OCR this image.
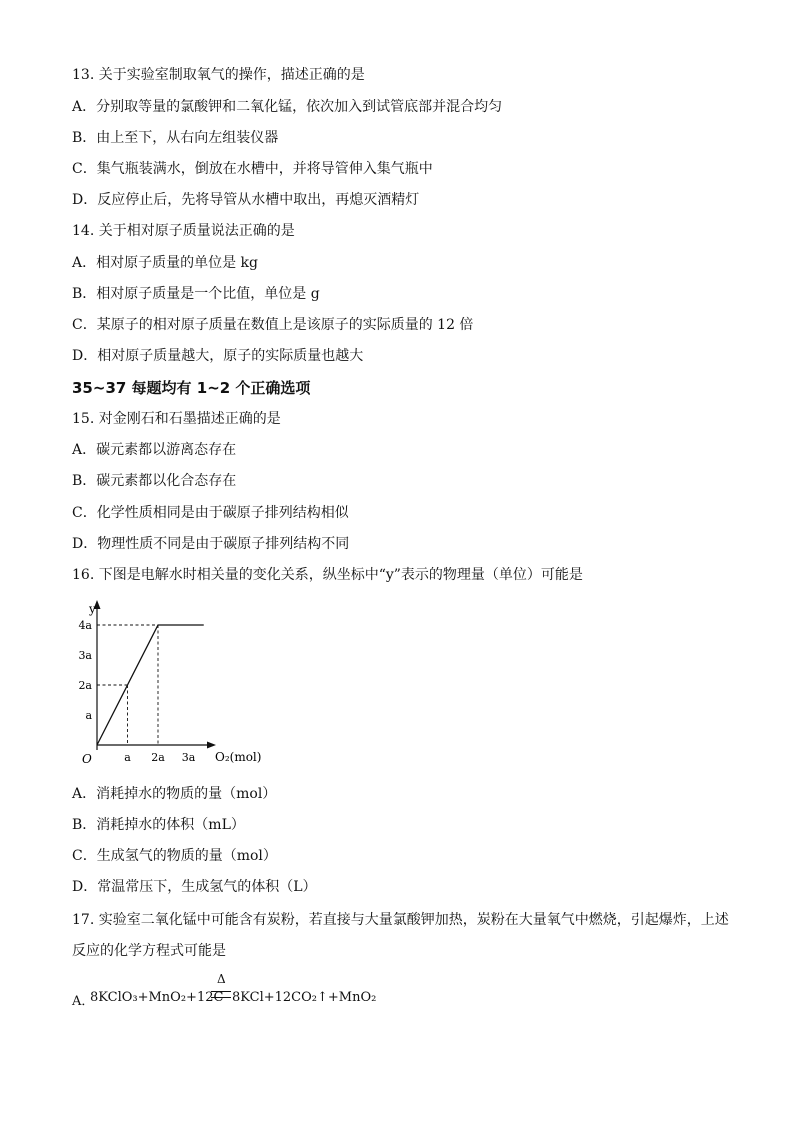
13. 关于实验室制取氧气的操作，描述正确的是
A．分别取等量的氯酸钾和二氧化锰，依次加入到试管底部并混合均匀
B．由上至下，从右向左组装仪器
C．集气瓶装满水，倒放在水槽中，并将导管伸入集气瓶中
D．反应停止后，先将导管从水槽中取出，再熄灭酒精灯
14. 关于相对原子质量说法正确的是
A．相对原子质量的单位是 kg
B．相对原子质量是一个比值，单位是 g
C．某原子的相对原子质量在数值上是该原子的实际质量的 12 倍
D．相对原子质量越大，原子的实际质量也越大
35~37 每题均有 1~2 个正确选项
15. 对金刚石和石墨描述正确的是
A．碳元素都以游离态存在
B．碳元素都以化合态存在
C．化学性质相同是由于碳原子排列结构相似
D．物理性质不同是由于碳原子排列结构不同
16. 下图是电解水时相关量的变化关系，纵坐标中“y”表示的物理量（单位）可能是
y
O	O₂(mol)
a
2a
3a
4a
a 2a 3a
A．消耗掉水的物质的量（mol）
B．消耗掉水的体积（mL）
C．生成氢气的物质的量（mol）
D．常温常压下，生成氢气的体积（L）
17. 实验室二氧化锰中可能含有炭粉，若直接与大量氯酸钾加热，炭粉在大量氧气中燃烧，引起爆炸，上述
反应的化学方程式可能是
A．
8KClO₃+MnO₂+12C
Δ
8KCl+12CO₂↑+MnO₂
